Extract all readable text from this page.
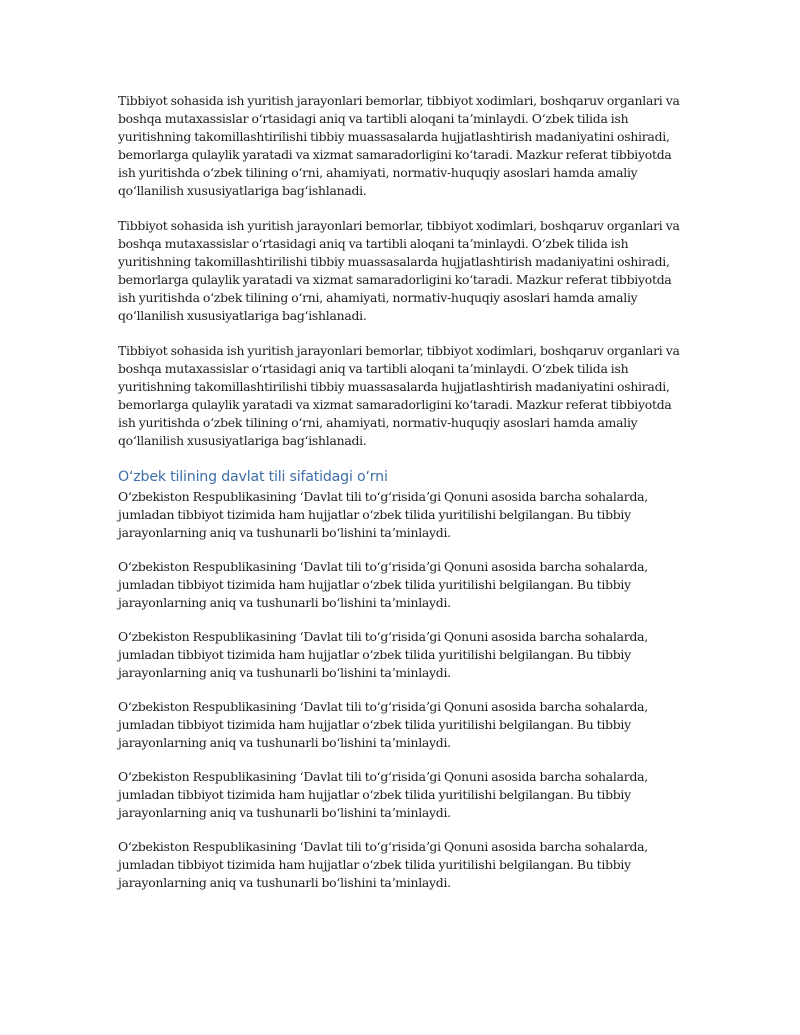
Tibbiyot sohasida ish yuritish jarayonlari bemorlar, tibbiyot xodimlari, boshqaruv organlari va boshqa mutaxassislar oʻrtasidagi aniq va tartibli aloqani taʼminlaydi. Oʻzbek tilida ish yuritishning takomillashtirilishi tibbiy muassasalarda hujjatlashtirish madaniyatini oshiradi, bemorlarga qulaylik yaratadi va xizmat samaradorligini koʻtaradi. Mazkur referat tibbiyotda ish yuritishda oʻzbek tilining oʻrni, ahamiyati, normativ-huquqiy asoslari hamda amaliy qoʻllanilish xususiyatlariga bagʻishlanadi.

Tibbiyot sohasida ish yuritish jarayonlari bemorlar, tibbiyot xodimlari, boshqaruv organlari va boshqa mutaxassislar oʻrtasidagi aniq va tartibli aloqani taʼminlaydi. Oʻzbek tilida ish yuritishning takomillashtirilishi tibbiy muassasalarda hujjatlashtirish madaniyatini oshiradi, bemorlarga qulaylik yaratadi va xizmat samaradorligini koʻtaradi. Mazkur referat tibbiyotda ish yuritishda oʻzbek tilining oʻrni, ahamiyati, normativ-huquqiy asoslari hamda amaliy qoʻllanilish xususiyatlariga bagʻishlanadi.

Tibbiyot sohasida ish yuritish jarayonlari bemorlar, tibbiyot xodimlari, boshqaruv organlari va boshqa mutaxassislar oʻrtasidagi aniq va tartibli aloqani taʼminlaydi. Oʻzbek tilida ish yuritishning takomillashtirilishi tibbiy muassasalarda hujjatlashtirish madaniyatini oshiradi, bemorlarga qulaylik yaratadi va xizmat samaradorligini koʻtaradi. Mazkur referat tibbiyotda ish yuritishda oʻzbek tilining oʻrni, ahamiyati, normativ-huquqiy asoslari hamda amaliy qoʻllanilish xususiyatlariga bagʻishlanadi.

Oʻzbek tilining davlat tili sifatidagi oʻrni

Oʻzbekiston Respublikasining ʻDavlat tili toʻgʻrisidaʼgi Qonuni asosida barcha sohalarda, jumladan tibbiyot tizimida ham hujjatlar oʻzbek tilida yuritilishi belgilangan. Bu tibbiy jarayonlarning aniq va tushunarli boʻlishini taʼminlaydi.

Oʻzbekiston Respublikasining ʻDavlat tili toʻgʻrisidaʼgi Qonuni asosida barcha sohalarda, jumladan tibbiyot tizimida ham hujjatlar oʻzbek tilida yuritilishi belgilangan. Bu tibbiy jarayonlarning aniq va tushunarli boʻlishini taʼminlaydi.

Oʻzbekiston Respublikasining ʻDavlat tili toʻgʻrisidaʼgi Qonuni asosida barcha sohalarda, jumladan tibbiyot tizimida ham hujjatlar oʻzbek tilida yuritilishi belgilangan. Bu tibbiy jarayonlarning aniq va tushunarli boʻlishini taʼminlaydi.

Oʻzbekiston Respublikasining ʻDavlat tili toʻgʻrisidaʼgi Qonuni asosida barcha sohalarda, jumladan tibbiyot tizimida ham hujjatlar oʻzbek tilida yuritilishi belgilangan. Bu tibbiy jarayonlarning aniq va tushunarli boʻlishini taʼminlaydi.

Oʻzbekiston Respublikasining ʻDavlat tili toʻgʻrisidaʼgi Qonuni asosida barcha sohalarda, jumladan tibbiyot tizimida ham hujjatlar oʻzbek tilida yuritilishi belgilangan. Bu tibbiy jarayonlarning aniq va tushunarli boʻlishini taʼminlaydi.

Oʻzbekiston Respublikasining ʻDavlat tili toʻgʻrisidaʼgi Qonuni asosida barcha sohalarda, jumladan tibbiyot tizimida ham hujjatlar oʻzbek tilida yuritilishi belgilangan. Bu tibbiy jarayonlarning aniq va tushunarli boʻlishini taʼminlaydi.
